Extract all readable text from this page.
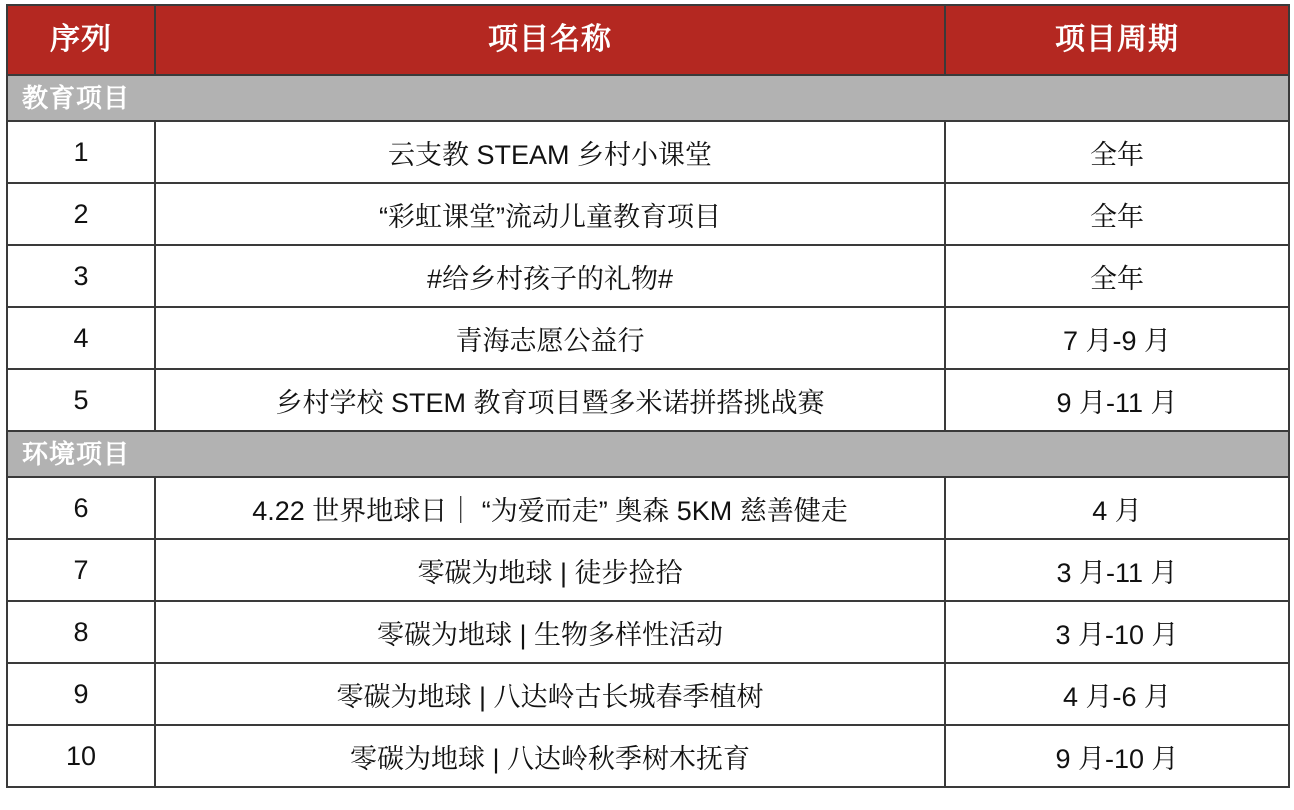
序列	项目名称	项目周期
教育项目		
1	云支教 STEAM 乡村小课堂	全年
2	“彩虹课堂”流动儿童教育项目	全年
3	#给乡村孩子的礼物#	全年
4	青海志愿公益行	7 月-9 月
5	乡村学校 STEM 教育项目暨多米诺拼搭挑战赛	9 月-11 月
环境项目		
6	4.22 世界地球日｜ “为爱而走” 奥森 5KM 慈善健走	4 月
7	零碳为地球 | 徒步捡拾	3 月-11 月
8	零碳为地球 | 生物多样性活动	3 月-10 月
9	零碳为地球 | 八达岭古长城春季植树	4 月-6 月
10	零碳为地球 | 八达岭秋季树木抚育	9 月-10 月
